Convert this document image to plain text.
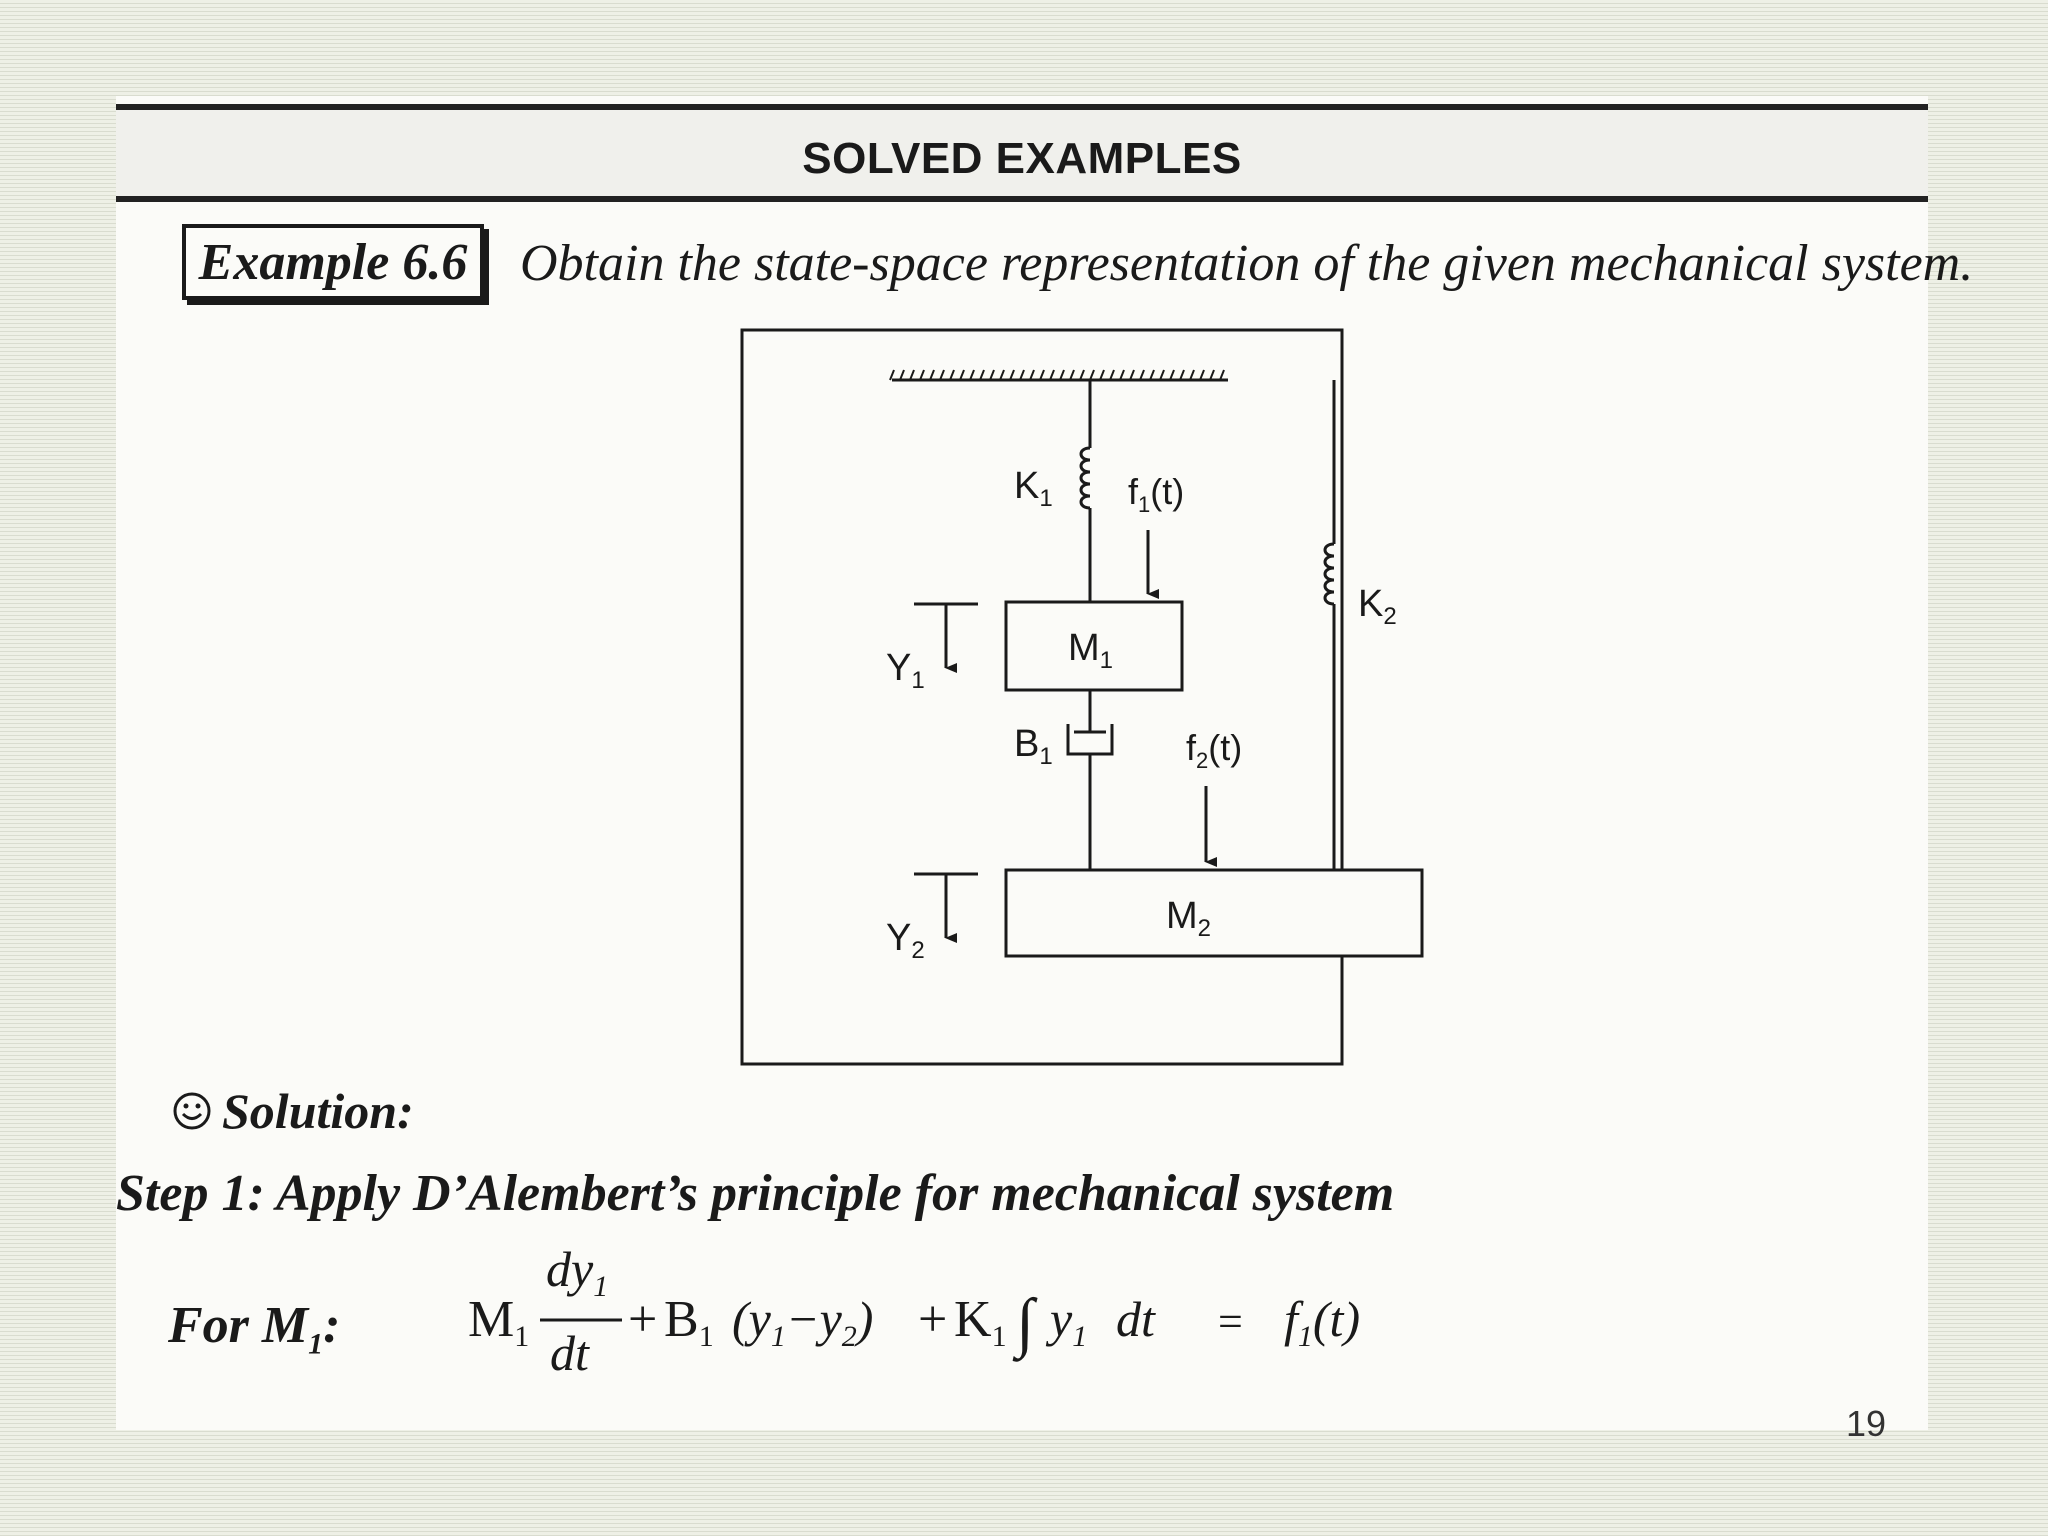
SOLVED EXAMPLES
Example 6.6 Obtain the state-space representation of the given mechanical system.
$K_1$ $f_1(t)$
$K_2$
$M_1$
$Y_1$
$B_1$	$f_2(t)$
$M_2$
$Y_2$
Solution:
Step 1: Apply D’Alembert’s principle for mechanical system
For $M_1$: M1
$dy_1$
dt
+ B1 $(y_1-y_2) + K1$ ∫ $y_1$ dt = $f_1(t)$
19
